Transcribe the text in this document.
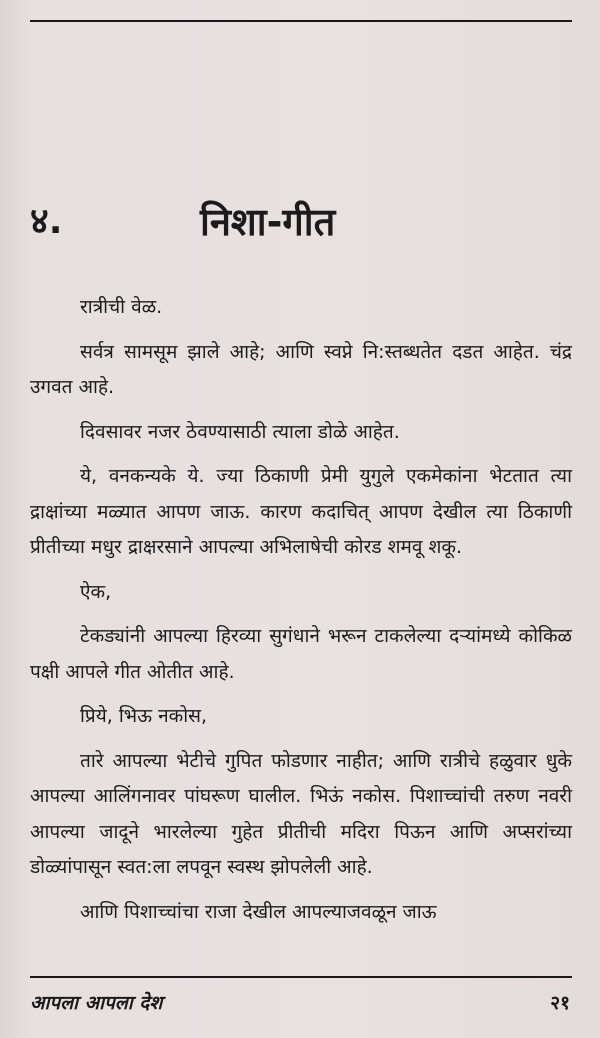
४.	निशा-गीत

रात्रीची वेळ.

सर्वत्र सामसूम झाले आहे; आणि स्वप्ने नि:स्तब्धतेत दडत आहेत. चंद्र उगवत आहे.

दिवसावर नजर ठेवण्यासाठी त्याला डोळे आहेत.

ये, वनकन्यके ये. ज्या ठिकाणी प्रेमी युगुले एकमेकांना भेटतात त्या द्राक्षांच्या मळ्यात आपण जाऊ. कारण कदाचित् आपण देखील त्या ठिकाणी प्रीतीच्या मधुर द्राक्षरसाने आपल्या अभिलाषेची कोरड शमवू शकू.

ऐक,

टेकड्यांनी आपल्या हिरव्या सुगंधाने भरून टाकलेल्या दऱ्यांमध्ये कोकिळ पक्षी आपले गीत ओतीत आहे.

प्रिये, भिऊ नकोस,

तारे आपल्या भेटीचे गुपित फोडणार नाहीत; आणि रात्रीचे हळुवार धुके आपल्या आलिंगनावर पांघरूण घालील. भिऊं नकोस. पिशाच्चांची तरुण नवरी आपल्या जादूने भारलेल्या गुहेत प्रीतीची मदिरा पिऊन आणि अप्सरांच्या डोळ्यांपासून स्वत:ला लपवून स्वस्थ झोपलेली आहे.

आणि पिशाच्चांचा राजा देखील आपल्याजवळून जाऊ

आपला आपला देश	२१
